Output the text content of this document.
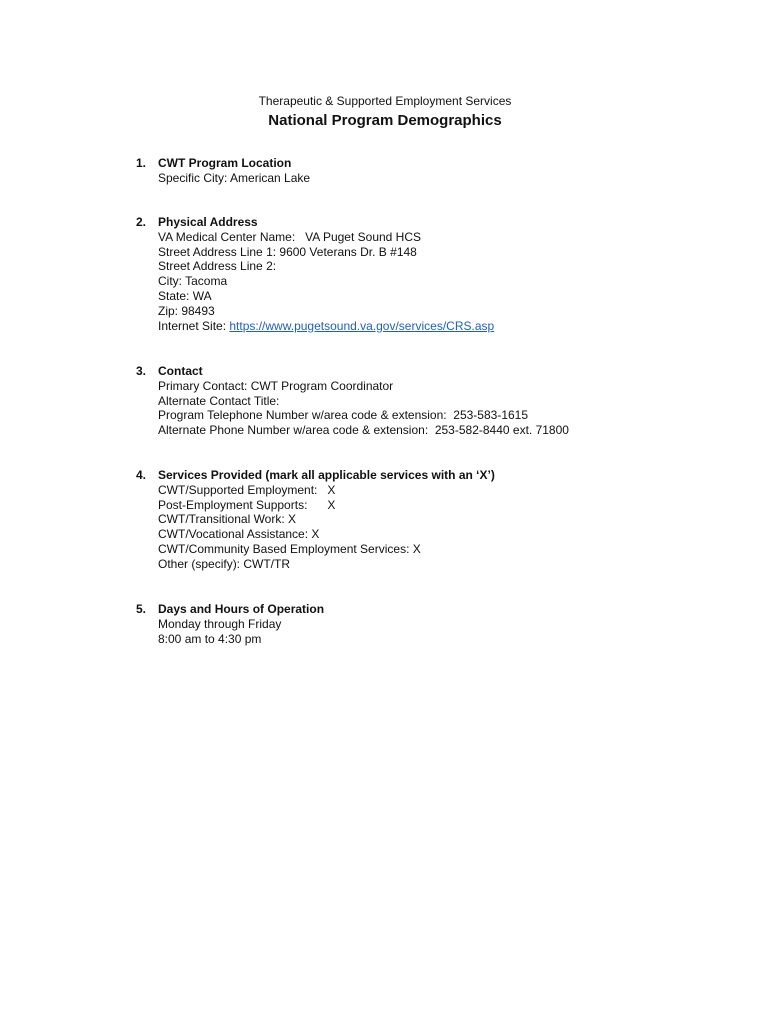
Therapeutic & Supported Employment Services
National Program Demographics
1. CWT Program Location
Specific City: American Lake
2. Physical Address
VA Medical Center Name:   VA Puget Sound HCS
Street Address Line 1: 9600 Veterans Dr. B #148
Street Address Line 2:
City: Tacoma
State: WA
Zip: 98493
Internet Site: https://www.pugetsound.va.gov/services/CRS.asp
3. Contact
Primary Contact: CWT Program Coordinator
Alternate Contact Title:
Program Telephone Number w/area code & extension:  253-583-1615
Alternate Phone Number w/area code & extension:  253-582-8440 ext. 71800
4. Services Provided (mark all applicable services with an ‘X’)
CWT/Supported Employment:   X
Post-Employment Supports:      X
CWT/Transitional Work: X
CWT/Vocational Assistance: X
CWT/Community Based Employment Services: X
Other (specify): CWT/TR
5. Days and Hours of Operation
Monday through Friday
8:00 am to 4:30 pm
